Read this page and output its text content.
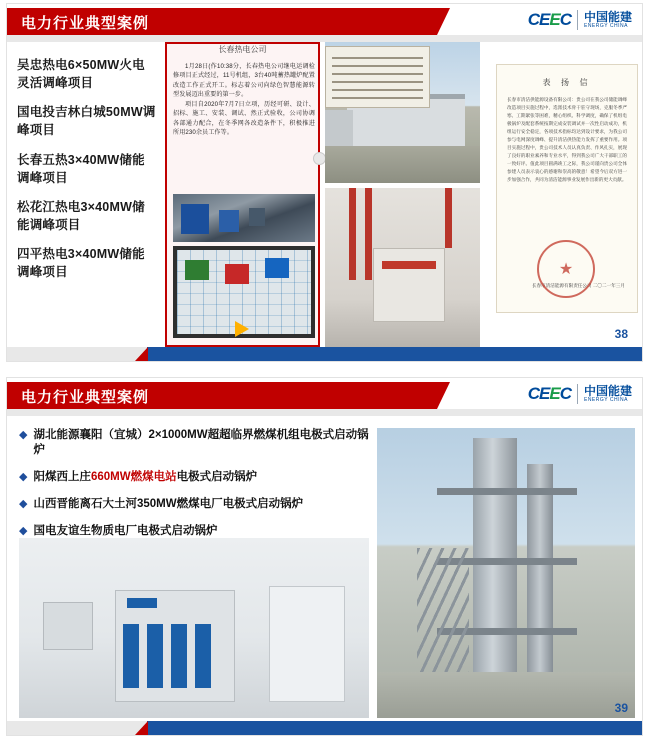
电力行业典型案例	CEEC 中国能建
ENERGY CHINA
吴忠热电6×50MW火电灵活调峰项目
国电投吉林白城50MW调峰项目
长春五热3×40MW储能调峰项目
松花江热电3×40MW储能调峰项目
四平热电3×40MW储能调峰项目
1月28日(作10:38分，长春热电公司继电运调检修项目正式经过，11号机组，3台40吨蓄热罐炉配置改造工作正式开工。标志着公司向绿色智慧能源转型发展迈出重要的第一步。
项目自2020年7月7日立项，历经可研、设计、招标、施工、安装、调试、然正式验收，公司协调各部通力配合，在冬季网各改造条件下，积极推进所用230余员工作等。
长春热电公司
表 扬 信
长春市清洁供能源设备有限公司：贵公司在我公司储能调峰改造项目实施过程中，选派技术骨干驻守现场，克服冬季严寒、工期紧张等困难，精心组织、科学调度，确保了机组电极锅炉及配套系统按期完成安装调试并一次性启动成功，机组运行安全稳定，各项技术指标均达到设计要求，为我公司参与电网深度调峰、提升清洁供热能力发挥了重要作用。项目实施过程中，贵公司技术人员认真负责、作风扎实，展现了良好的职业素养和专业水平，得到我公司广大干部职工的一致好评。值此项目圆满竣工之际，我公司谨向贵公司全体参建人员表示衷心的感谢和崇高的敬意！希望今后双方进一步加强合作，共同为清洁能源事业发展作出新的更大贡献。
长春市清洁能源有限责任公司 二〇二一年三月
★
38
电力行业典型案例	CEEC 中国能建
ENERGY CHINA
◆ 湖北能源襄阳（宜城）2×1000MW超超临界燃煤机组电极式启动锅炉
◆ 阳煤西上庄660MW燃煤电站电极式启动锅炉
◆ 山西晋能离石大土河350MW燃煤电厂电极式启动锅炉
◆ 国电友谊生物质电厂电极式启动锅炉
39
